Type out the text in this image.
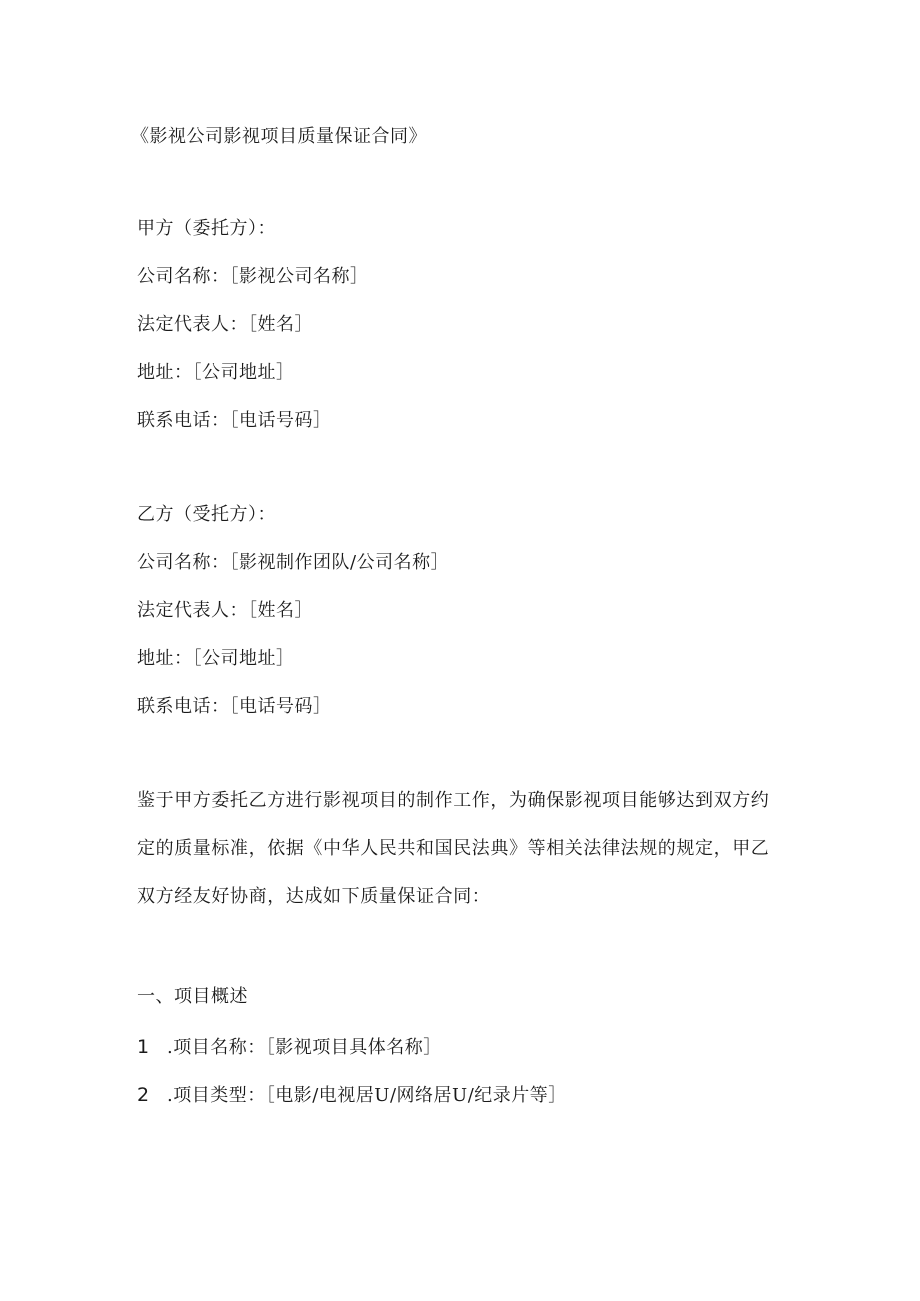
《影视公司影视项目质量保证合同》
甲方（委托方）：
公司名称：［影视公司名称］
法定代表人：［姓名］
地址：［公司地址］
联系电话：［电话号码］
乙方（受托方）：
公司名称：［影视制作团队/公司名称］
法定代表人：［姓名］
地址：［公司地址］
联系电话：［电话号码］
鉴于甲方委托乙方进行影视项目的制作工作，为确保影视项目能够达到双方约定的质量标准，依据《中华人民共和国民法典》等相关法律法规的规定，甲乙双方经友好协商，达成如下质量保证合同：
一、项目概述
1 .项目名称：［影视项目具体名称］
2 .项目类型：［电影/电视居U/网络居U/纪录片等］
